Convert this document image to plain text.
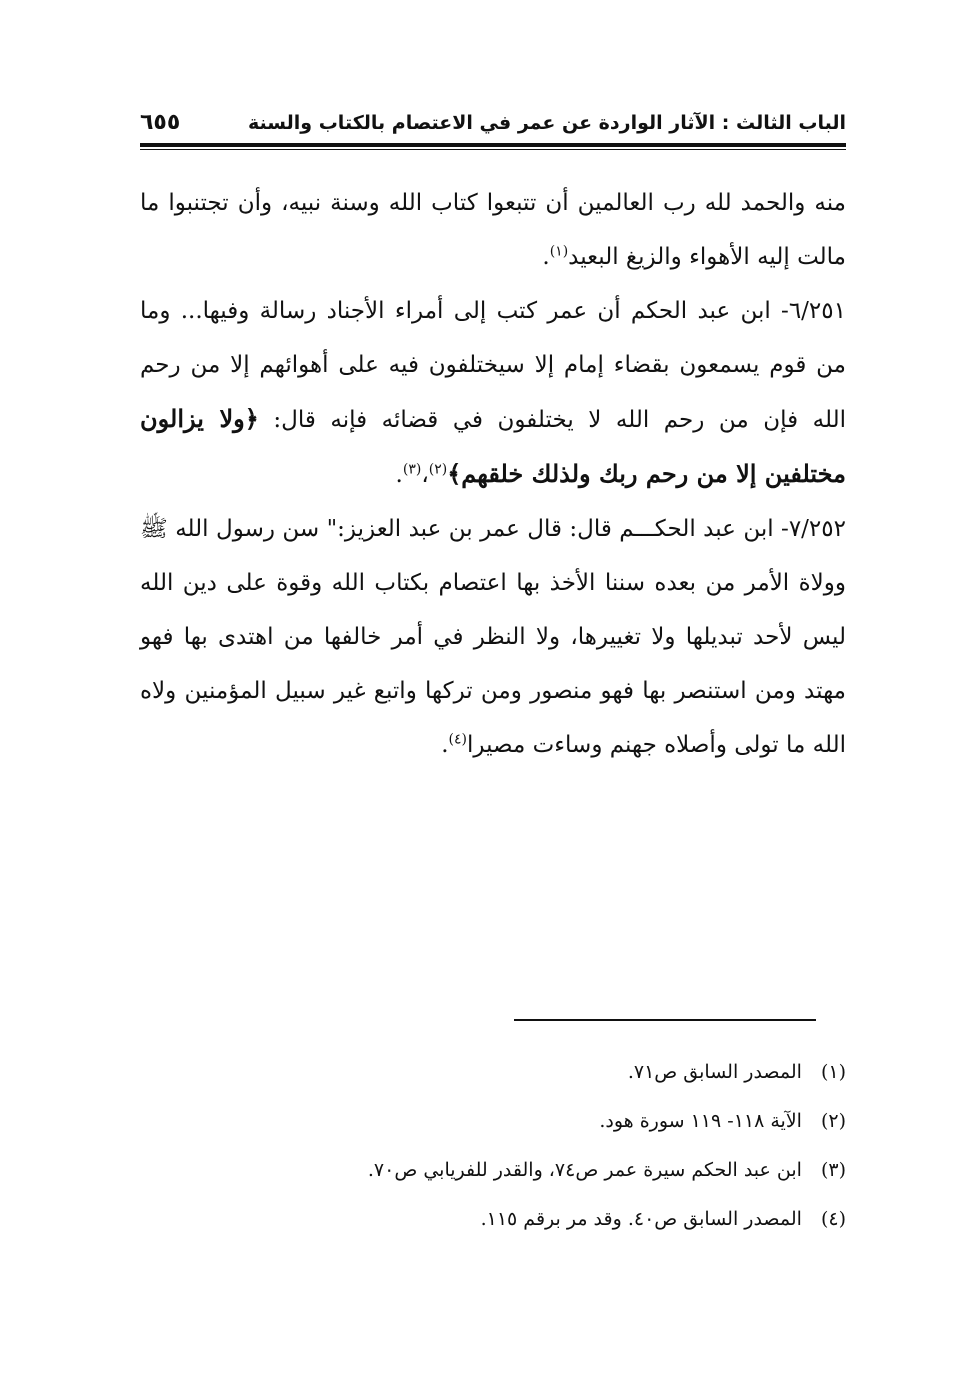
الباب الثالث : الآثار الواردة عن عمر في الاعتصام بالكتاب والسنة
٦٥٥

منه والحمد لله رب العالمين أن تتبعوا كتاب الله وسنة نبيه، وأن تجتنبوا ما مالت إليه الأهواء والزيغ البعيد$^{(١)}$.

٦/٢٥١- ابن عبد الحكم أن عمر كتب إلى أمراء الأجناد رسالة وفيها... وما من قوم يسمعون بقضاء إمام إلا سيختلفون فيه على أهوائهم إلا من رحم الله فإن من رحم الله لا يختلفون في قضائه فإنه قال: ﴿ولا يزالون مختلفين إلا من رحم ربك ولذلك خلقهم﴾$^{(٢)}$،$^{(٣)}$.

٧/٢٥٢- ابن عبد الحكـــم قال: قال عمر بن عبد العزيز:" سن رسول الله ﷺ وولاة الأمر من بعده سننا الأخذ بها اعتصام بكتاب الله وقوة على دين الله ليس لأحد تبديلها ولا تغييرها، ولا النظر في أمر خالفها من اهتدى بها فهو مهتد ومن استنصر بها فهو منصور ومن تركها واتبع غير سبيل المؤمنين ولاه الله ما تولى وأصلاه جهنم وساءت مصيرا$^{(٤)}$.

(١) المصدر السابق ص٧١.

(٢) الآية ١١٨- ١١٩ سورة هود.

(٣) ابن عبد الحكم سيرة عمر ص٧٤، والقدر للفريابي ص٧٠.

(٤) المصدر السابق ص٤٠. وقد مر برقم ١١٥.
